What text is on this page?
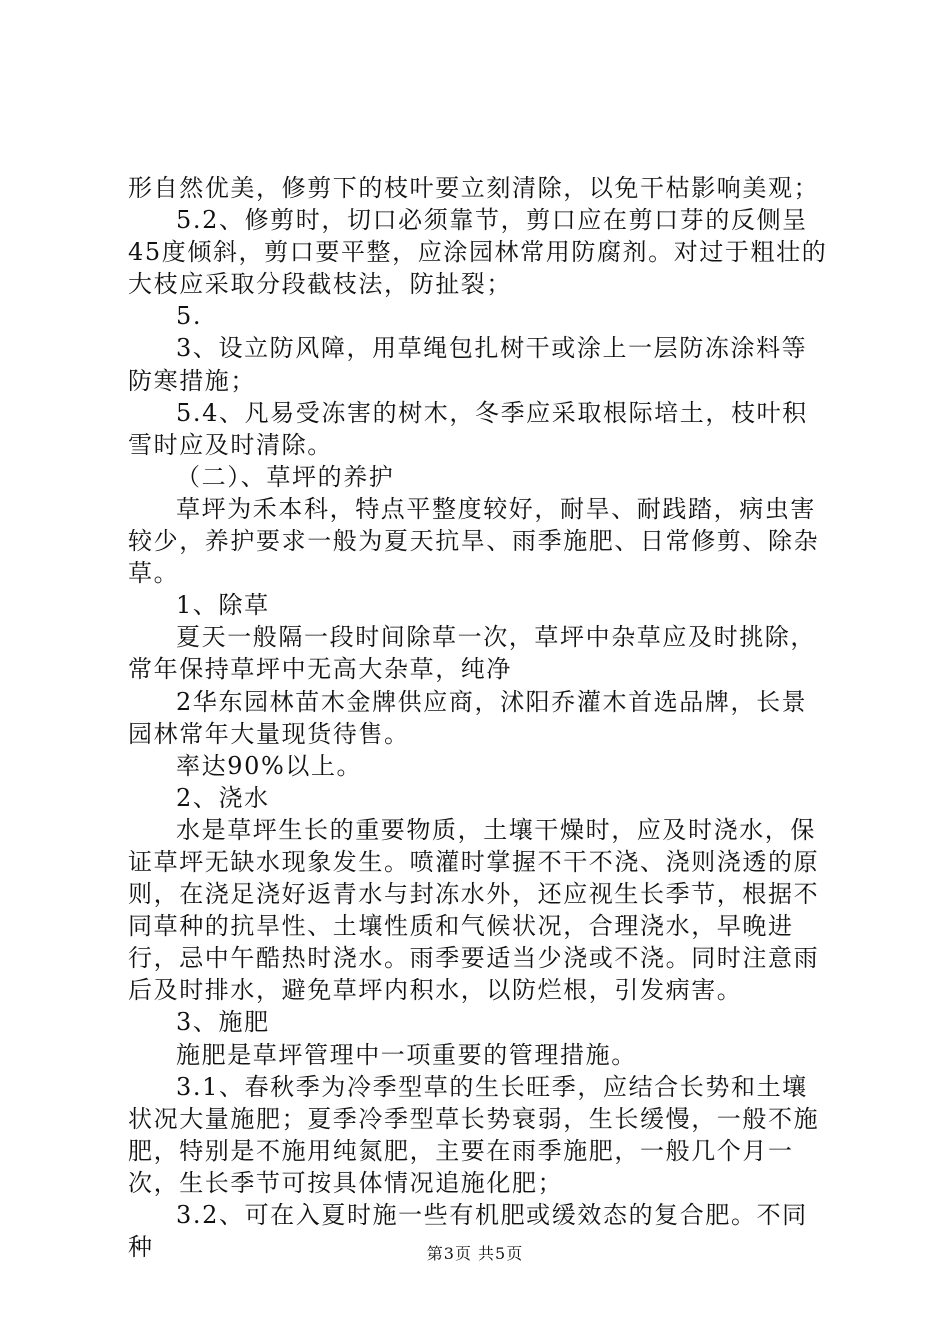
形自然优美，修剪下的枝叶要立刻清除，以免干枯影响美观；

5.2、修剪时，切口必须靠节，剪口应在剪口芽的反侧呈45度倾斜，剪口要平整，应涂园林常用防腐剂。对过于粗壮的大枝应采取分段截枝法，防扯裂；

5.

3、设立防风障，用草绳包扎树干或涂上一层防冻涂料等防寒措施；

5.4、凡易受冻害的树木，冬季应采取根际培土，枝叶积雪时应及时清除。

（二）、草坪的养护

草坪为禾本科，特点平整度较好，耐旱、耐践踏，病虫害较少，养护要求一般为夏天抗旱、雨季施肥、日常修剪、除杂草。

1、除草

夏天一般隔一段时间除草一次，草坪中杂草应及时挑除，常年保持草坪中无高大杂草，纯净

2华东园林苗木金牌供应商，沭阳乔灌木首选品牌，长景园林常年大量现货待售。

率达90%以上。

2、浇水

水是草坪生长的重要物质，土壤干燥时，应及时浇水，保证草坪无缺水现象发生。喷灌时掌握不干不浇、浇则浇透的原则，在浇足浇好返青水与封冻水外，还应视生长季节，根据不同草种的抗旱性、土壤性质和气候状况，合理浇水，早晚进行，忌中午酷热时浇水。雨季要适当少浇或不浇。同时注意雨后及时排水，避免草坪内积水，以防烂根，引发病害。

3、施肥

施肥是草坪管理中一项重要的管理措施。

3.1、春秋季为冷季型草的生长旺季，应结合长势和土壤状况大量施肥；夏季冷季型草长势衰弱，生长缓慢，一般不施肥，特别是不施用纯氮肥，主要在雨季施肥，一般几个月一次，生长季节可按具体情况追施化肥；

3.2、可在入夏时施一些有机肥或缓效态的复合肥。不同种	第3页 共5页
